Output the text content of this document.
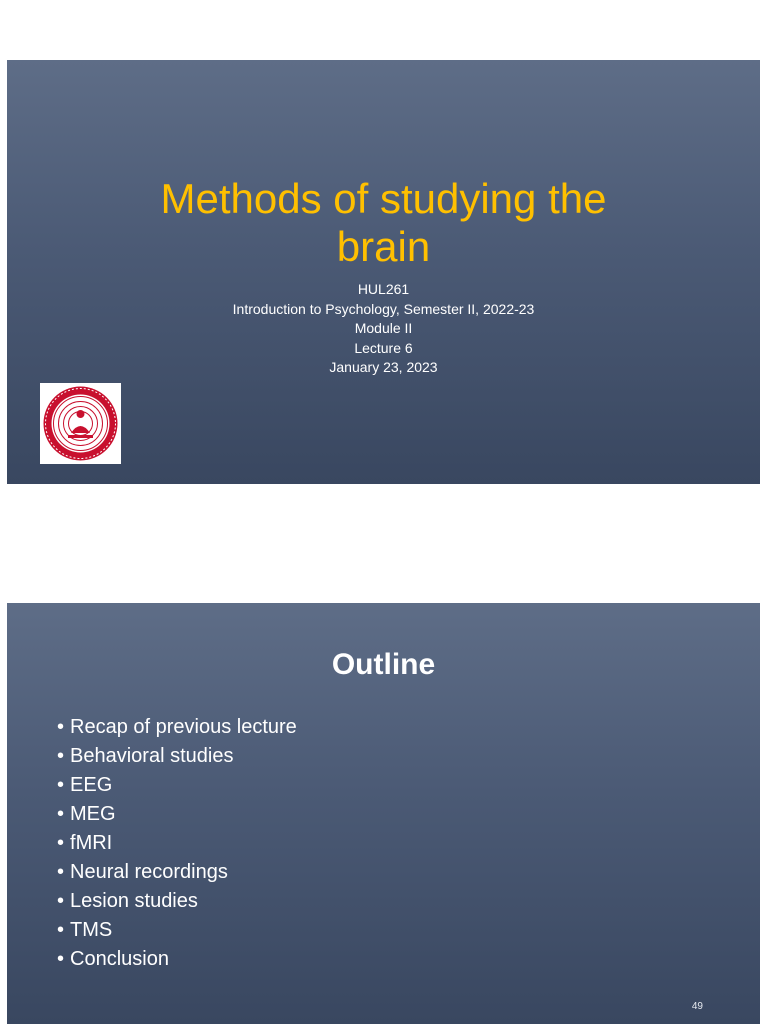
Methods of studying the brain
HUL261
Introduction to Psychology, Semester II, 2022-23
Module II
Lecture 6
January 23, 2023
Outline
• Recap of previous lecture
• Behavioral studies
• EEG
• MEG
• fMRI
• Neural recordings
• Lesion studies
• TMS
• Conclusion
49
